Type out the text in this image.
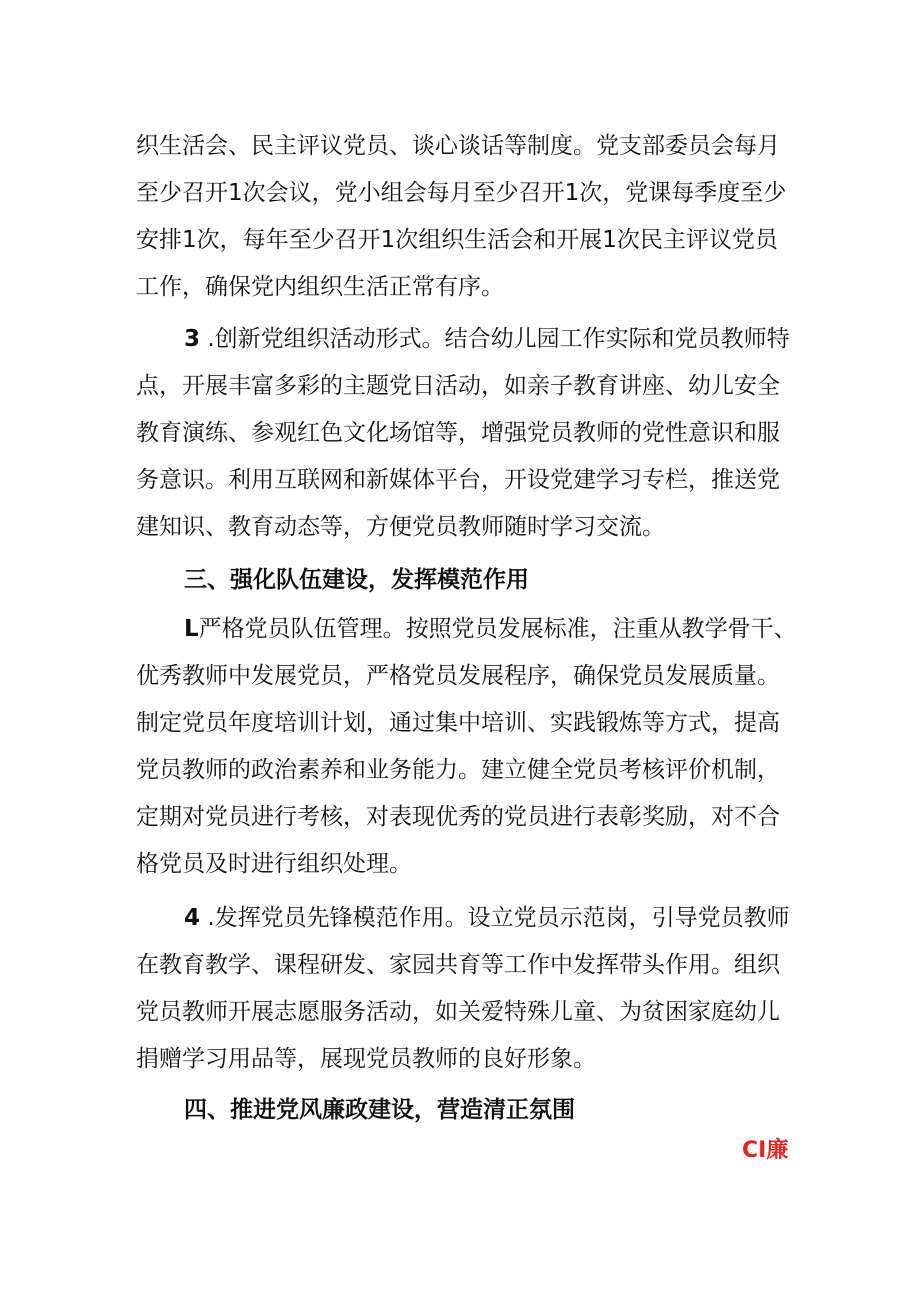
织生活会、民主评议党员、谈心谈话等制度。党支部委员会每月
至少召开1次会议，党小组会每月至少召开1次，党课每季度至少
安排1次，每年至少召开1次组织生活会和开展1次民主评议党员
工作，确保党内组织生活正常有序。
3 .创新党组织活动形式。结合幼儿园工作实际和党员教师特
点，开展丰富多彩的主题党日活动，如亲子教育讲座、幼儿安全
教育演练、参观红色文化场馆等，增强党员教师的党性意识和服
务意识。利用互联网和新媒体平台，开设党建学习专栏，推送党
建知识、教育动态等，方便党员教师随时学习交流。
三、强化队伍建设，发挥模范作用
L严格党员队伍管理。按照党员发展标准，注重从教学骨干、
优秀教师中发展党员，严格党员发展程序，确保党员发展质量。
制定党员年度培训计划，通过集中培训、实践锻炼等方式，提高
党员教师的政治素养和业务能力。建立健全党员考核评价机制，
定期对党员进行考核，对表现优秀的党员进行表彰奖励，对不合
格党员及时进行组织处理。
4 .发挥党员先锋模范作用。设立党员示范岗，引导党员教师
在教育教学、课程研发、家园共育等工作中发挥带头作用。组织
党员教师开展志愿服务活动，如关爱特殊儿童、为贫困家庭幼儿
捐赠学习用品等，展现党员教师的良好形象。
四、推进党风廉政建设，营造清正氛围
CI廉
